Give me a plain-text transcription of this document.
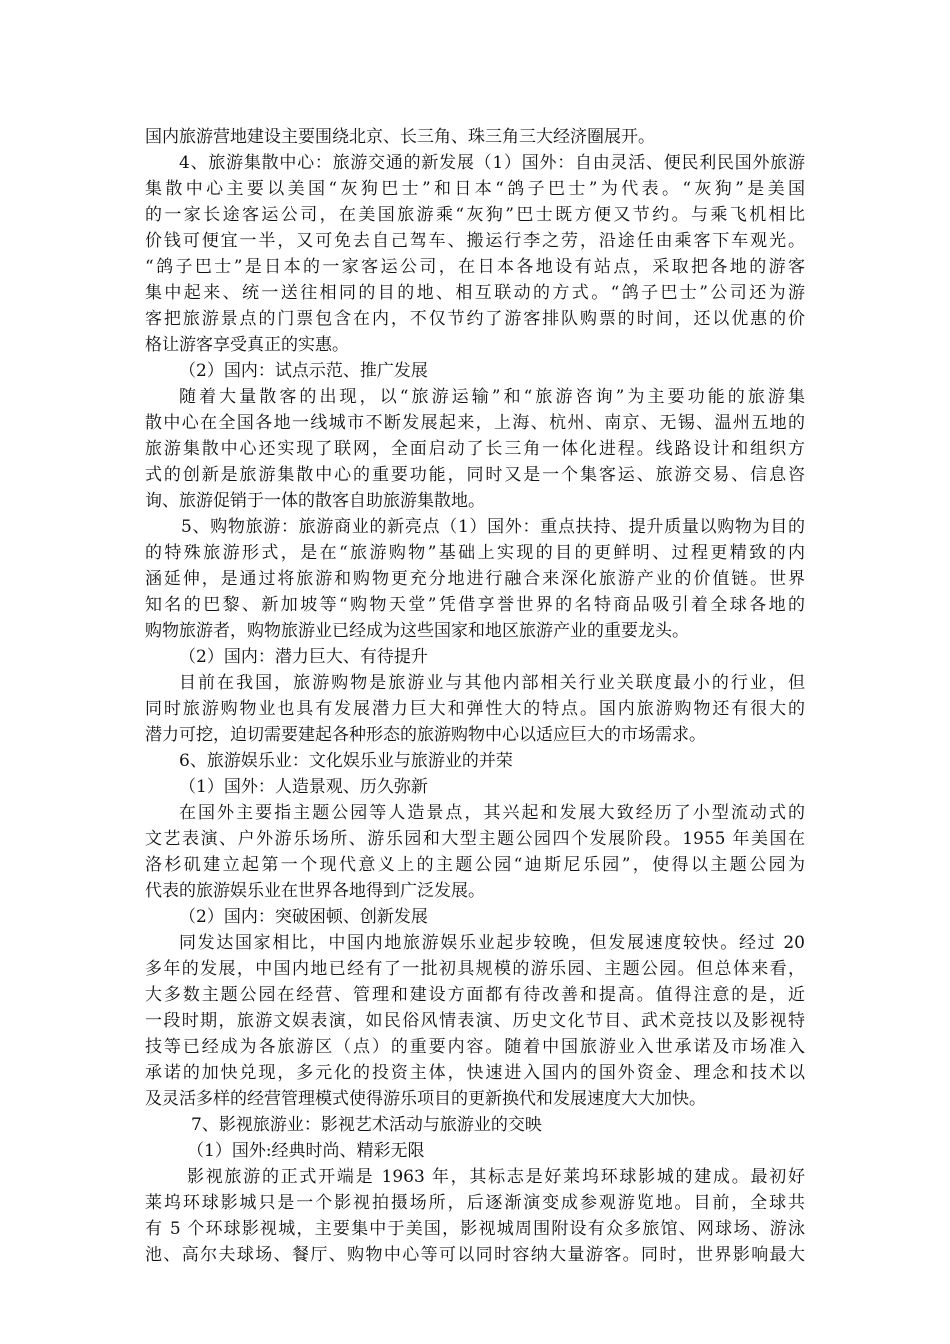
国内旅游营地建设主要围绕北京、长三角、珠三角三大经济圈展开。
4、旅游集散中心：旅游交通的新发展（1）国外：自由灵活、便民利民国外旅游
集散中心主要以美国“灰狗巴士”和日本“鸽子巴士”为代表。“灰狗”是美国
的一家长途客运公司，在美国旅游乘“灰狗”巴士既方便又节约。与乘飞机相比
价钱可便宜一半，又可免去自己驾车、搬运行李之劳，沿途任由乘客下车观光。
“鸽子巴士”是日本的一家客运公司，在日本各地设有站点，采取把各地的游客
集中起来、统一送往相同的目的地、相互联动的方式。“鸽子巴士”公司还为游
客把旅游景点的门票包含在内，不仅节约了游客排队购票的时间，还以优惠的价
格让游客享受真正的实惠。
（2）国内：试点示范、推广发展
随着大量散客的出现，以“旅游运输”和“旅游咨询”为主要功能的旅游集
散中心在全国各地一线城市不断发展起来，上海、杭州、南京、无锡、温州五地的
旅游集散中心还实现了联网，全面启动了长三角一体化进程。线路设计和组织方
式的创新是旅游集散中心的重要功能，同时又是一个集客运、旅游交易、信息咨
询、旅游促销于一体的散客自助旅游集散地。
5、购物旅游：旅游商业的新亮点（1）国外：重点扶持、提升质量以购物为目的
的特殊旅游形式，是在“旅游购物”基础上实现的目的更鲜明、过程更精致的内
涵延伸，是通过将旅游和购物更充分地进行融合来深化旅游产业的价值链。世界
知名的巴黎、新加坡等“购物天堂”凭借享誉世界的名特商品吸引着全球各地的
购物旅游者，购物旅游业已经成为这些国家和地区旅游产业的重要龙头。
（2）国内：潜力巨大、有待提升
目前在我国，旅游购物是旅游业与其他内部相关行业关联度最小的行业，但
同时旅游购物业也具有发展潜力巨大和弹性大的特点。国内旅游购物还有很大的
潜力可挖，迫切需要建起各种形态的旅游购物中心以适应巨大的市场需求。
6、旅游娱乐业：文化娱乐业与旅游业的并荣
（1）国外：人造景观、历久弥新
在国外主要指主题公园等人造景点，其兴起和发展大致经历了小型流动式的
文艺表演、户外游乐场所、游乐园和大型主题公园四个发展阶段。1955 年美国在
洛杉矶建立起第一个现代意义上的主题公园“迪斯尼乐园”，使得以主题公园为
代表的旅游娱乐业在世界各地得到广泛发展。
（2）国内：突破困顿、创新发展
同发达国家相比，中国内地旅游娱乐业起步较晚，但发展速度较快。经过 20
多年的发展，中国内地已经有了一批初具规模的游乐园、主题公园。但总体来看，
大多数主题公园在经营、管理和建设方面都有待改善和提高。值得注意的是，近
一段时期，旅游文娱表演，如民俗风情表演、历史文化节目、武术竞技以及影视特
技等已经成为各旅游区（点）的重要内容。随着中国旅游业入世承诺及市场准入
承诺的加快兑现，多元化的投资主体，快速进入国内的国外资金、理念和技术以
及灵活多样的经营管理模式使得游乐项目的更新换代和发展速度大大加快。
7、影视旅游业：影视艺术活动与旅游业的交映
（1）国外:经典时尚、精彩无限
影视旅游的正式开端是 1963 年，其标志是好莱坞环球影城的建成。最初好
莱坞环球影城只是一个影视拍摄场所，后逐渐演变成参观游览地。目前，全球共
有 5 个环球影视城，主要集中于美国，影视城周围附设有众多旅馆、网球场、游泳
池、高尔夫球场、餐厅、购物中心等可以同时容纳大量游客。同时，世界影响最大
